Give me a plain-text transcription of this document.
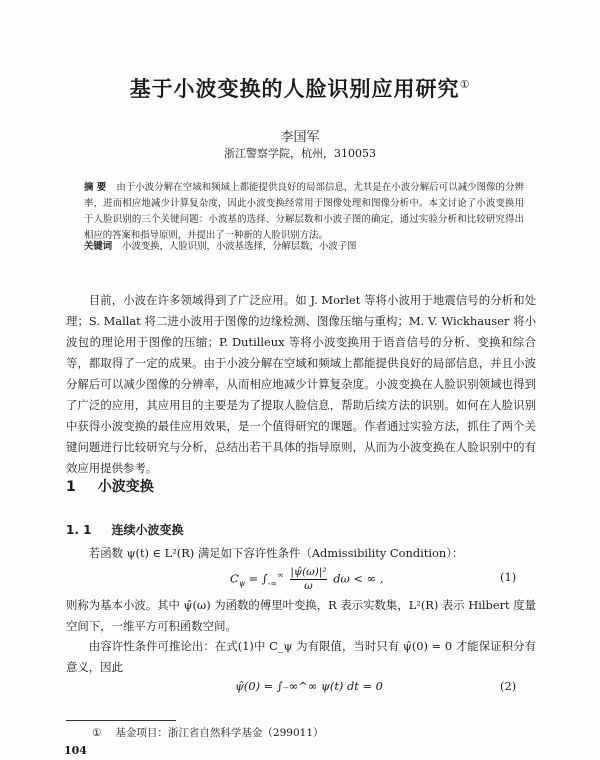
基于小波变换的人脸识别应用研究①
李国军
浙江警察学院，杭州，310053
摘 要 由于小波分解在空域和频域上都能提供良好的局部信息，尤其是在小波分解后可以减少图像的分辨率，进而相应地减少计算复杂度，因此小波变换经常用于图像处理和图像分析中。本文讨论了小波变换用于人脸识别的三个关键问题：小波基的选择、分解层数和小波子图的确定，通过实验分析和比较研究得出相应的答案和指导原则，并提出了一种新的人脸识别方法。
关键词 小波变换，人脸识别，小波基选择，分解层数，小波子图
目前，小波在许多领域得到了广泛应用。如 J. Morlet 等将小波用于地震信号的分析和处理；S. Mallat 将二进小波用于图像的边缘检测、图像压缩与重构；M. V. Wickhauser 将小波包的理论用于图像的压缩；P. Dutilleux 等将小波变换用于语音信号的分析、变换和综合等，都取得了一定的成果。由于小波分解在空域和频域上都能提供良好的局部信息，并且小波分解后可以减少图像的分辨率，从而相应地减少计算复杂度。小波变换在人脸识别领域也得到了广泛的应用，其应用目的主要是为了提取人脸信息，帮助后续方法的识别。如何在人脸识别中获得小波变换的最佳应用效果，是一个值得研究的课题。作者通过实验方法，抓住了两个关键问题进行比较研究与分析，总结出若干具体的指导原则，从而为小波变换在人脸识别中的有效应用提供参考。
1 小波变换
1. 1 连续小波变换
若函数 ψ(t) ∈ L²(R) 满足如下容许性条件（Admissibility Condition）：
$C_\psi = \int_{-\infty}^\infty \frac{\text{|ψ̂(ω)|²}}{\omega}$ dω < ∞ ,	(1)
则称为基本小波。其中 ψ̂(ω) 为函数的傅里叶变换，R 表示实数集，L²(R) 表示 Hilbert 度量空间下，一维平方可积函数空间。
由容许性条件可推论出：在式(1)中 C_ψ 为有限值，当时只有 ψ̂(0) = 0 才能保证积分有意义，因此
ψ̂(0) = ∫₋∞^∞ ψ(t) dt = 0	(2)
① 基金项目：浙江省自然科学基金（299011）
104
